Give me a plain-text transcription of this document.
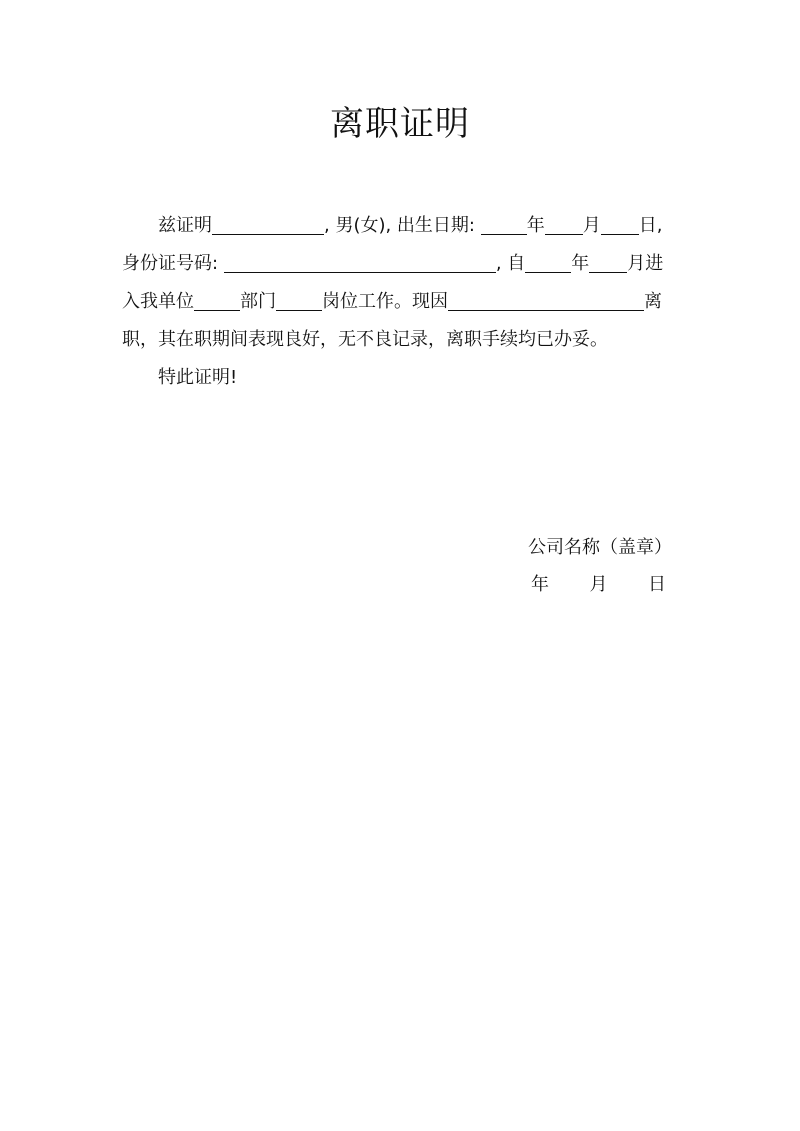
离职证明
兹证明	, 男(女), 出生日期:	年 月 日,
身份证号码:	, 自	年 月进
入我单位	部门	岗位工作。现因	离
职，其在职期间表现良好，无不良记录，离职手续均已办妥。
特此证明!
公司名称（盖章）
年 月 日
